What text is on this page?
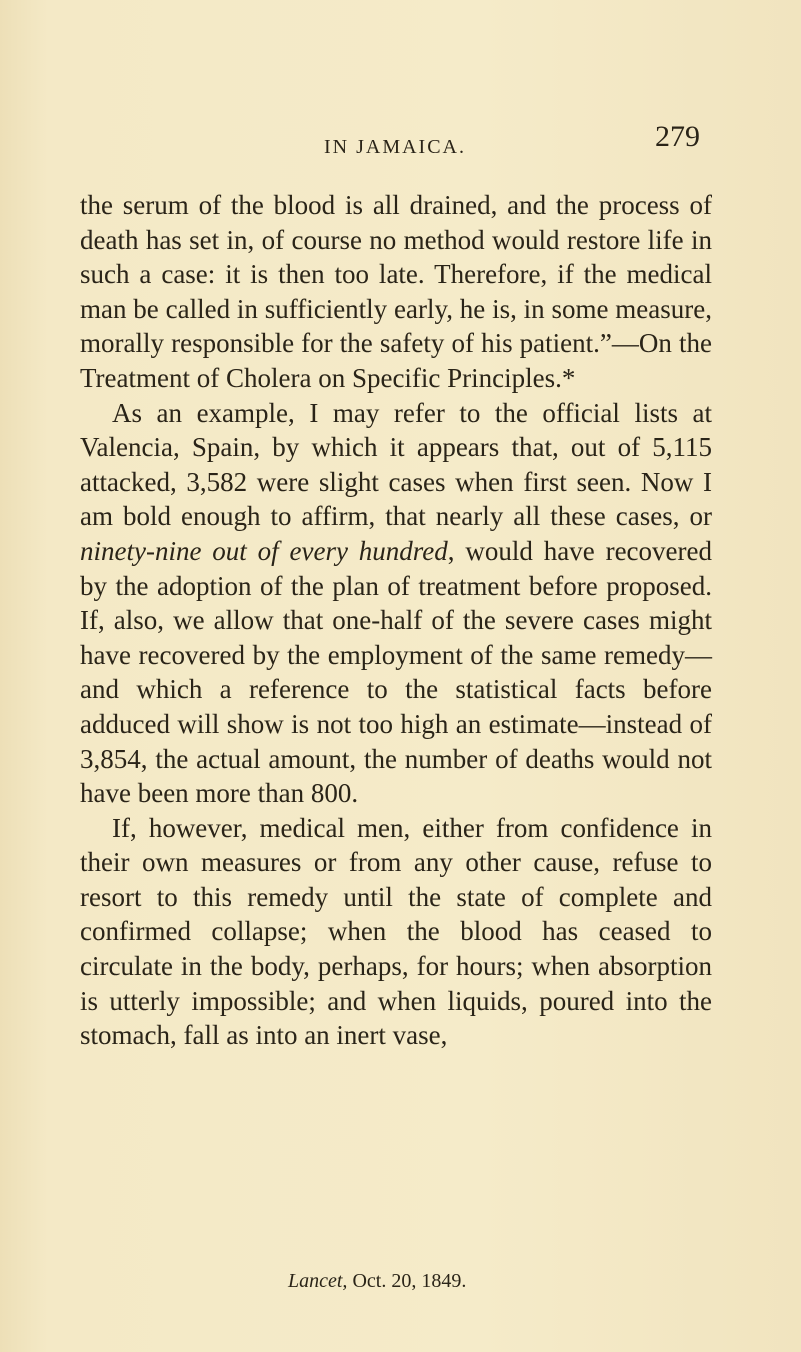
IN JAMAICA.	279

the serum of the blood is all drained, and the process of death has set in, of course no method would restore life in such a case: it is then too late. Therefore, if the medical man be called in sufficiently early, he is, in some measure, morally responsible for the safety of his patient.”—On the Treatment of Cholera on Specific Principles.*

As an example, I may refer to the official lists at Valencia, Spain, by which it appears that, out of 5,115 attacked, 3,582 were slight cases when first seen. Now I am bold enough to affirm, that nearly all these cases, or ninety-nine out of every hundred, would have recovered by the adoption of the plan of treatment before proposed. If, also, we allow that one-half of the severe cases might have recovered by the employment of the same remedy—and which a reference to the statistical facts before adduced will show is not too high an estimate—instead of 3,854, the actual amount, the number of deaths would not have been more than 800.

If, however, medical men, either from confidence in their own measures or from any other cause, refuse to resort to this remedy until the state of complete and confirmed collapse; when the blood has ceased to circulate in the body, perhaps, for hours; when absorption is utterly impossible; and when liquids, poured into the stomach, fall as into an inert vase,

Lancet, Oct. 20, 1849.
